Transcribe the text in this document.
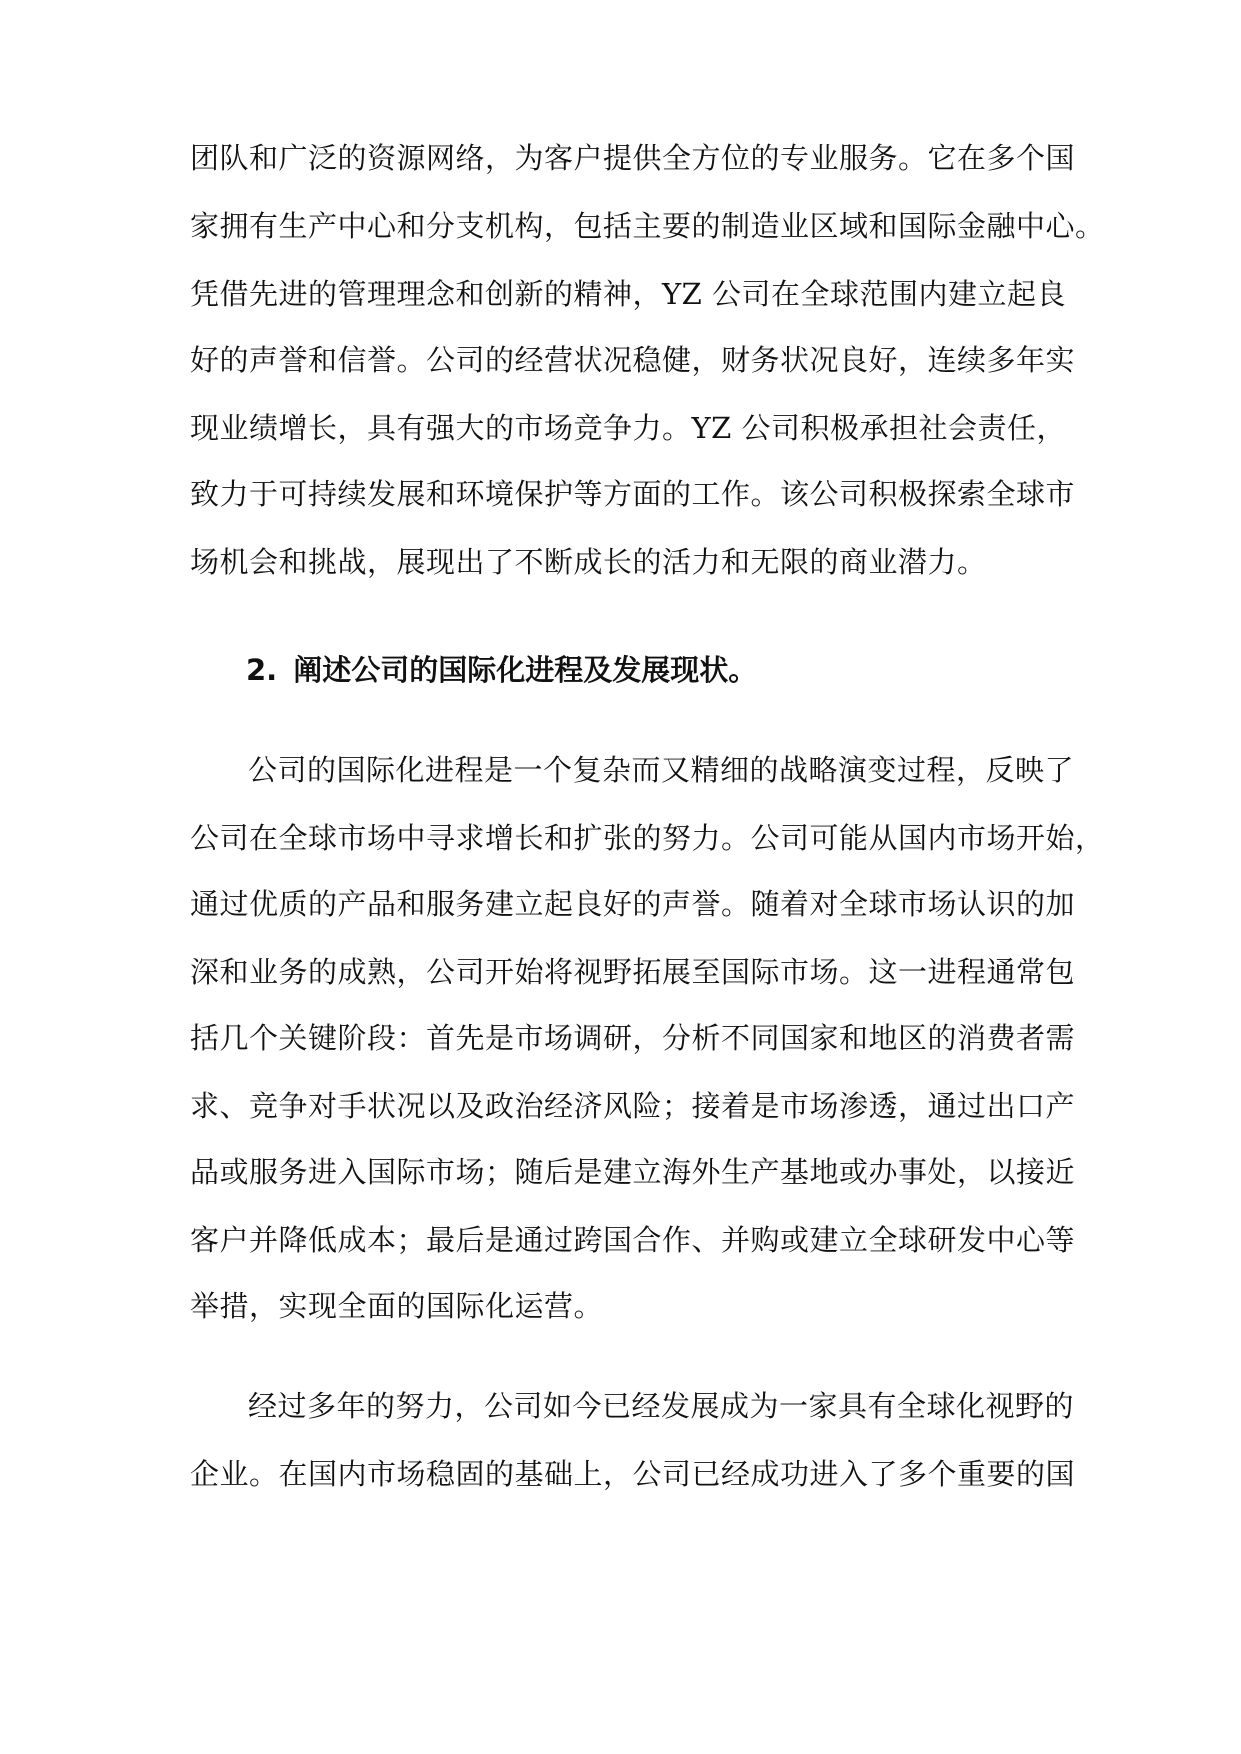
团队和广泛的资源网络，为客户提供全方位的专业服务。它在多个国
家拥有生产中心和分支机构，包括主要的制造业区域和国际金融中心。
凭借先进的管理理念和创新的精神，YZ 公司在全球范围内建立起良
好的声誉和信誉。公司的经营状况稳健，财务状况良好，连续多年实
现业绩增长，具有强大的市场竞争力。YZ 公司积极承担社会责任，
致力于可持续发展和环境保护等方面的工作。该公司积极探索全球市
场机会和挑战，展现出了不断成长的活力和无限的商业潜力。
2. 阐述公司的国际化进程及发展现状。
公司的国际化进程是一个复杂而又精细的战略演变过程，反映了
公司在全球市场中寻求增长和扩张的努力。公司可能从国内市场开始，
通过优质的产品和服务建立起良好的声誉。随着对全球市场认识的加
深和业务的成熟，公司开始将视野拓展至国际市场。这一进程通常包
括几个关键阶段：首先是市场调研，分析不同国家和地区的消费者需
求、竞争对手状况以及政治经济风险；接着是市场渗透，通过出口产
品或服务进入国际市场；随后是建立海外生产基地或办事处，以接近
客户并降低成本；最后是通过跨国合作、并购或建立全球研发中心等
举措，实现全面的国际化运营。
经过多年的努力，公司如今已经发展成为一家具有全球化视野的
企业。在国内市场稳固的基础上，公司已经成功进入了多个重要的国
